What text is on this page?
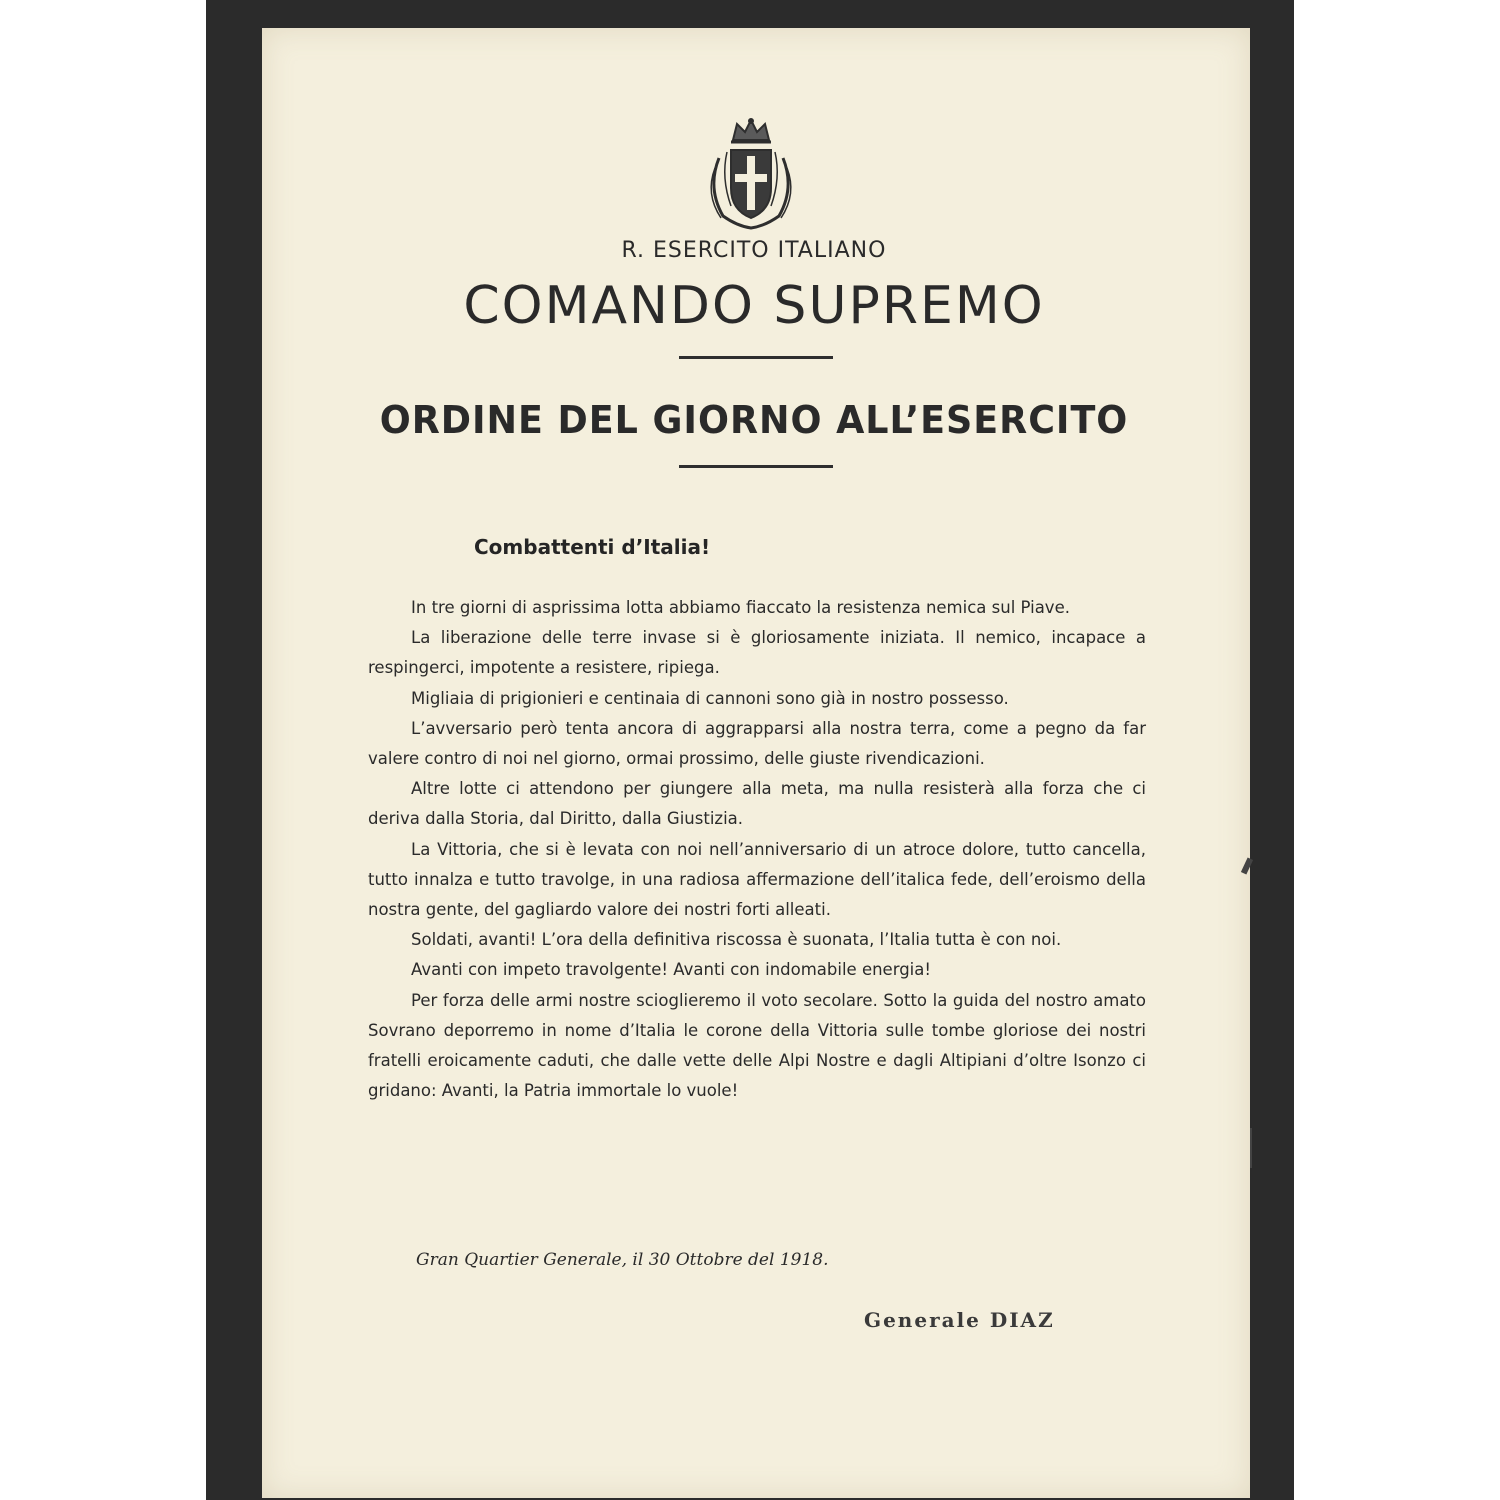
R. ESERCITO ITALIANO
COMANDO SUPREMO
ORDINE DEL GIORNO ALL’ESERCITO
Combattenti d’Italia!

In tre giorni di asprissima lotta abbiamo fiaccato la resistenza nemica sul Piave.

La liberazione delle terre invase si è gloriosamente iniziata. Il nemico, incapace a respingerci, impotente a resistere, ripiega.

Migliaia di prigionieri e centinaia di cannoni sono già in nostro possesso.

L’avversario però tenta ancora di aggrapparsi alla nostra terra, come a pegno da far valere contro di noi nel giorno, ormai prossimo, delle giuste rivendicazioni.

Altre lotte ci attendono per giungere alla meta, ma nulla resisterà alla forza che ci deriva dalla Storia, dal Diritto, dalla Giustizia.

La Vittoria, che si è levata con noi nell’anniversario di un atroce dolore, tutto cancella, tutto innalza e tutto travolge, in una radiosa affermazione dell’italica fede, dell’eroismo della nostra gente, del gagliardo valore dei nostri forti alleati.

Soldati, avanti! L’ora della definitiva riscossa è suonata, l’Italia tutta è con noi.

Avanti con impeto travolgente! Avanti con indomabile energia!

Per forza delle armi nostre scioglieremo il voto secolare. Sotto la guida del nostro amato Sovrano deporremo in nome d’Italia le corone della Vittoria sulle tombe gloriose dei nostri fratelli eroicamente caduti, che dalle vette delle Alpi Nostre e dagli Altipiani d’oltre Isonzo ci gridano: Avanti, la Patria immortale lo vuole!

Gran Quartier Generale, il 30 Ottobre del 1918.
Generale DIAZ
